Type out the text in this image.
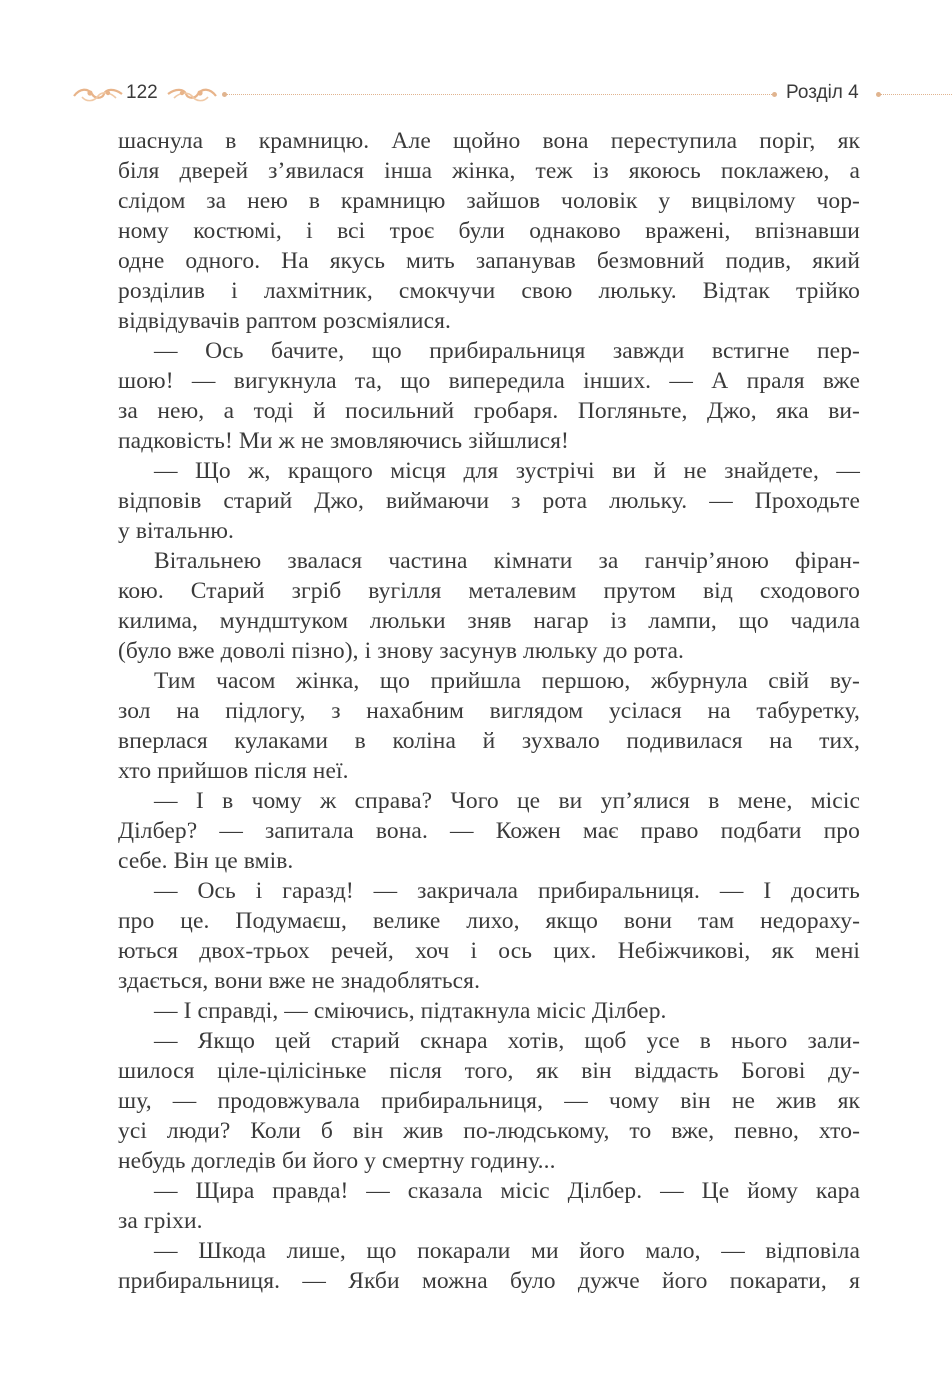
122	Розділ 4
шаснула в крамницю. Але щойно вона переступила поріг, як
біля дверей з’явилася інша жінка, теж із якоюсь поклажею, а
слідом за нею в крамницю зайшов чоловік у вицвілому чор-
ному костюмі, і всі троє були однаково вражені, впізнавши
одне одного. На якусь мить запанував безмовний подив, який
розділив і лахмітник, смокчучи свою люльку. Відтак трійко
відвідувачів раптом розсміялися.
— Ось бачите, що прибиральниця завжди встигне пер-
шою! — вигукнула та, що випередила інших. — А праля вже
за нею, а тоді й посильний гробаря. Погляньте, Джо, яка ви-
падковість! Ми ж не змовляючись зійшлися!
— Що ж, кращого місця для зустрічі ви й не знайдете, —
відповів старий Джо, виймаючи з рота люльку. — Проходьте
у вітальню.
Вітальнею звалася частина кімнати за ганчір’яною фіран-
кою. Старий згріб вугілля металевим прутом від сходового
килима, мундштуком люльки зняв нагар із лампи, що чадила
(було вже доволі пізно), і знову засунув люльку до рота.
Тим часом жінка, що прийшла першою, жбурнула свій ву-
зол на підлогу, з нахабним виглядом усілася на табуретку,
вперлася кулаками в коліна й зухвало подивилася на тих,
хто прийшов після неї.
— І в чому ж справа? Чого це ви уп’ялися в мене, місіс
Ділбер? — запитала вона. — Кожен має право подбати про
себе. Він це вмів.
— Ось і гаразд! — закричала прибиральниця. — І досить
про це. Подумаєш, велике лихо, якщо вони там недораху-
ються двох-трьох речей, хоч і ось цих. Небіжчикові, як мені
здається, вони вже не знадобляться.
— І справді, — сміючись, підтакнула місіс Ділбер.
— Якщо цей старий скнара хотів, щоб усе в нього зали-
шилося ціле-цілісіньке після того, як він віддасть Богові ду-
шу, — продовжувала прибиральниця, — чому він не жив як
усі люди? Коли б він жив по-людському, то вже, певно, хто-
небудь догледів би його у смертну годину...
— Щира правда! — сказала місіс Ділбер. — Це йому кара
за гріхи.
— Шкода лише, що покарали ми його мало, — відповіла
прибиральниця. — Якби можна було дужче його покарати, я
